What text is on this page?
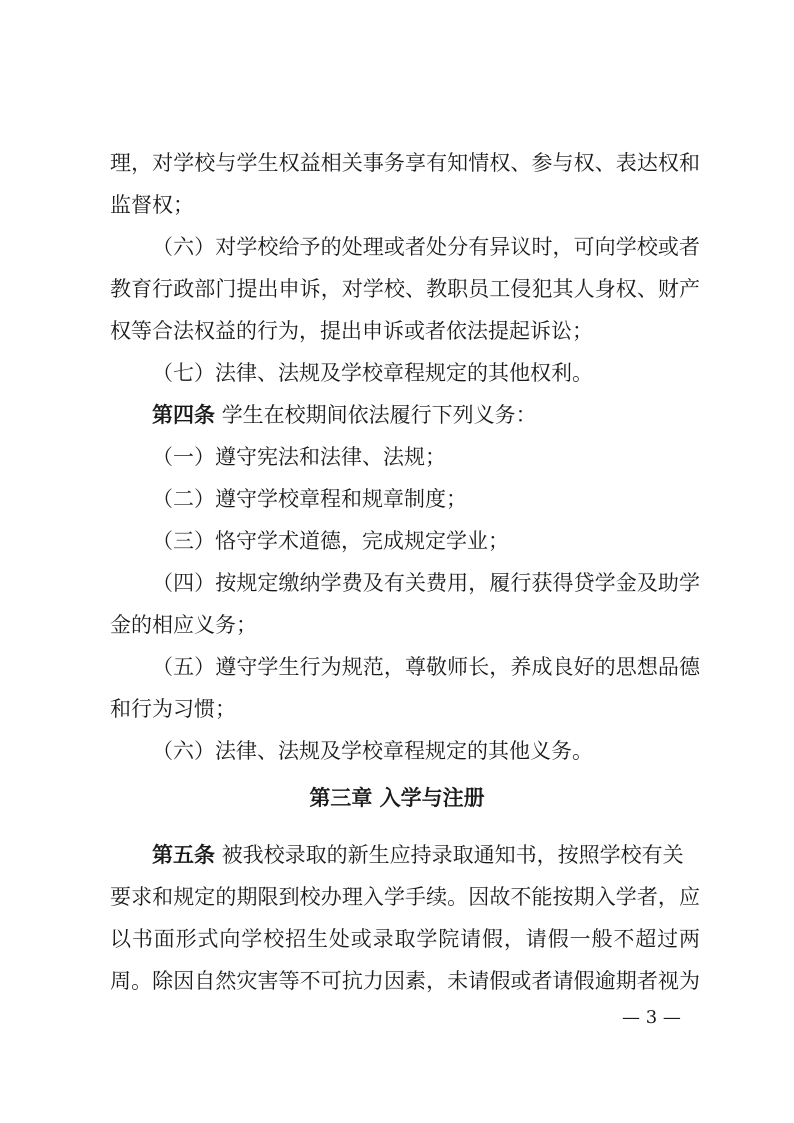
理，对学校与学生权益相关事务享有知情权、参与权、表达权和
监督权；
（六）对学校给予的处理或者处分有异议时，可向学校或者
教育行政部门提出申诉，对学校、教职员工侵犯其人身权、财产
权等合法权益的行为，提出申诉或者依法提起诉讼；
（七）法律、法规及学校章程规定的其他权利。
第四条 学生在校期间依法履行下列义务：
（一）遵守宪法和法律、法规；
（二）遵守学校章程和规章制度；
（三）恪守学术道德，完成规定学业；
（四）按规定缴纳学费及有关费用，履行获得贷学金及助学
金的相应义务；
（五）遵守学生行为规范，尊敬师长，养成良好的思想品德
和行为习惯；
（六）法律、法规及学校章程规定的其他义务。
第三章 入学与注册
第五条 被我校录取的新生应持录取通知书，按照学校有关
要求和规定的期限到校办理入学手续。因故不能按期入学者，应
以书面形式向学校招生处或录取学院请假，请假一般不超过两
周。除因自然灾害等不可抗力因素，未请假或者请假逾期者视为
— 3 —
